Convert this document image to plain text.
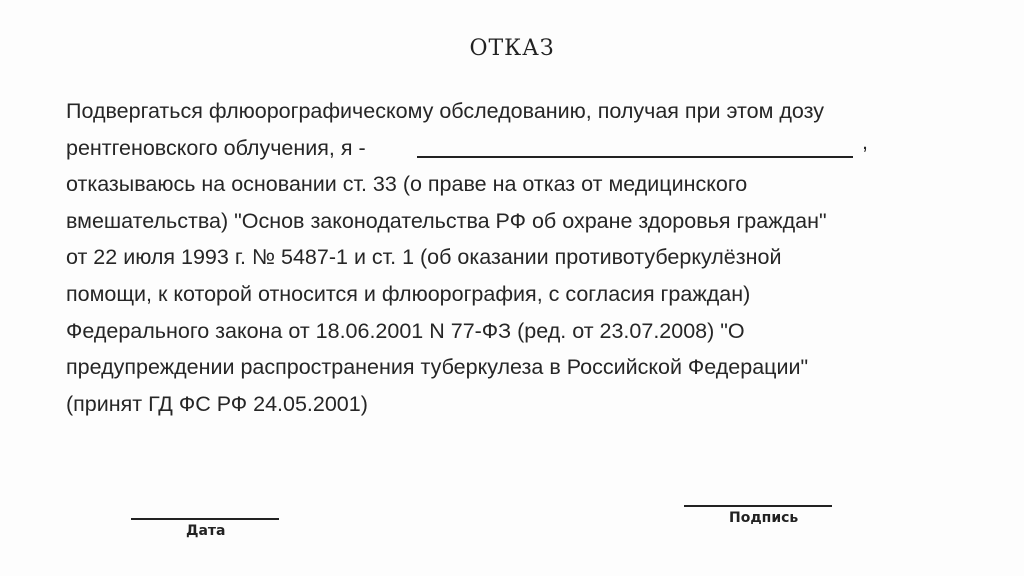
ОТКАЗ
Подвергаться флюорографическому обследованию, получая при этом дозу
рентгеновского облучения, я -
отказываюсь на основании ст. 33 (о праве на отказ от медицинского
вмешательства) "Основ законодательства РФ об охране здоровья граждан"
от 22 июля 1993 г. № 5487-1 и ст. 1 (об оказании противотуберкулёзной
помощи, к которой относится и флюорография, с согласия граждан)
Федерального закона от 18.06.2001 N 77-ФЗ (ред. от 23.07.2008) "О
предупреждении распространения туберкулеза в Российской Федерации"
(принят ГД ФС РФ 24.05.2001)
,
Дата
Подпись
